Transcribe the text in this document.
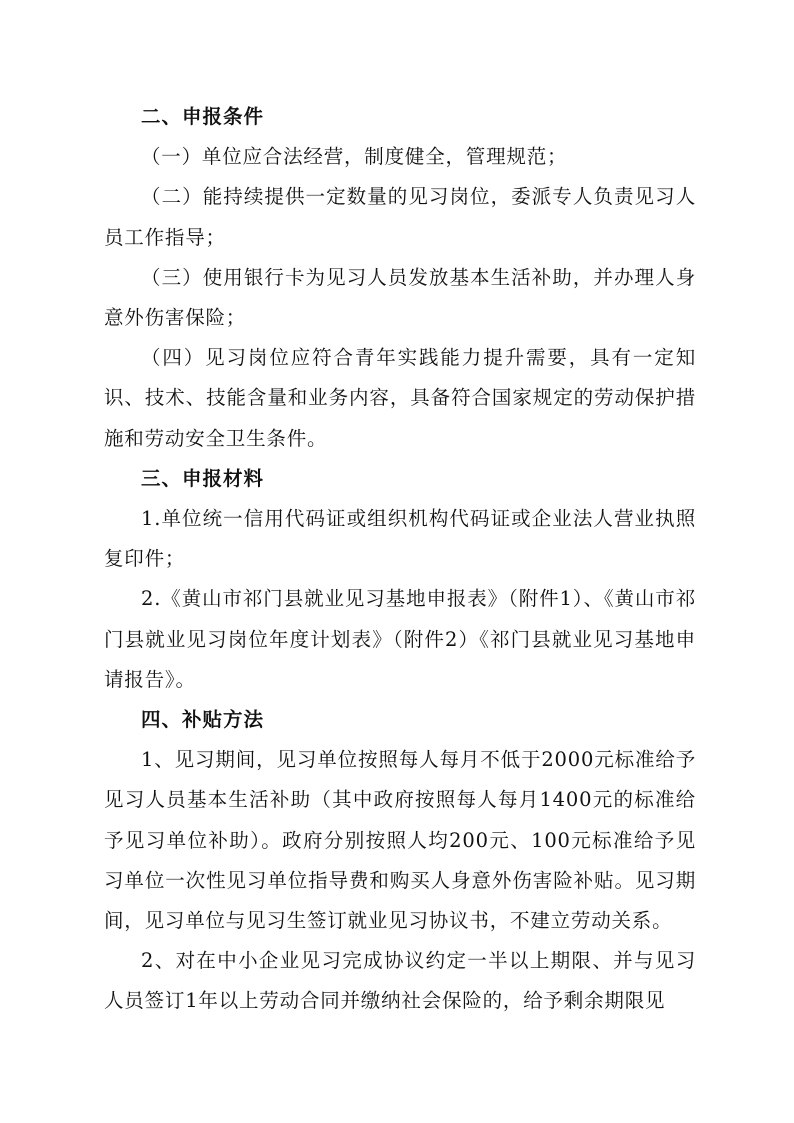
二、申报条件

（一）单位应合法经营，制度健全，管理规范；

（二）能持续提供一定数量的见习岗位，委派专人负责见习人员工作指导；

（三）使用银行卡为见习人员发放基本生活补助，并办理人身意外伤害保险；

（四）见习岗位应符合青年实践能力提升需要，具有一定知识、技术、技能含量和业务内容，具备符合国家规定的劳动保护措施和劳动安全卫生条件。

三、申报材料

1.单位统一信用代码证或组织机构代码证或企业法人营业执照复印件；

2.《黄山市祁门县就业见习基地申报表》（附件1）、《黄山市祁门县就业见习岗位年度计划表》（附件2）《祁门县就业见习基地申请报告》。

四、补贴方法

1、见习期间，见习单位按照每人每月不低于2000元标准给予见习人员基本生活补助（其中政府按照每人每月1400元的标准给予见习单位补助）。政府分别按照人均200元、100元标准给予见习单位一次性见习单位指导费和购买人身意外伤害险补贴。见习期间，见习单位与见习生签订就业见习协议书，不建立劳动关系。

2、对在中小企业见习完成协议约定一半以上期限、并与见习人员签订1年以上劳动合同并缴纳社会保险的，给予剩余期限见
